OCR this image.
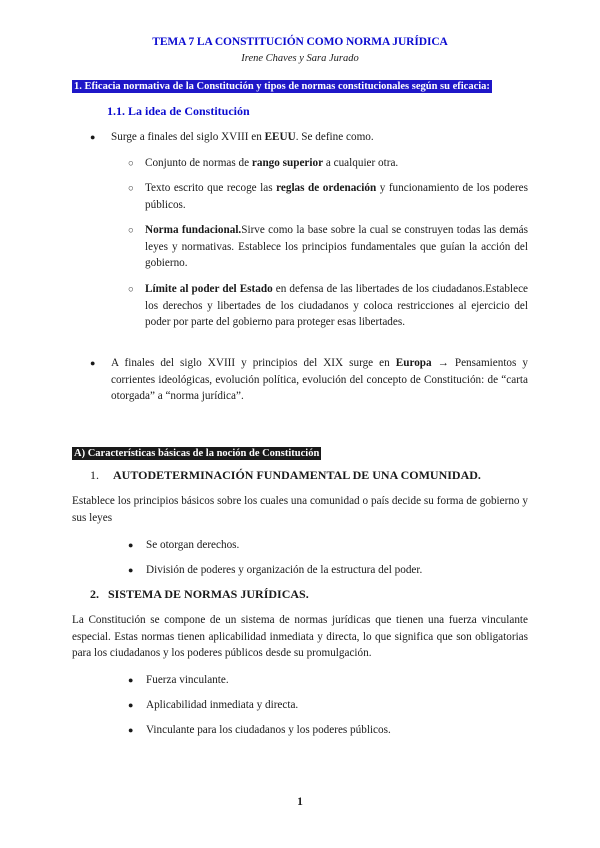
TEMA 7 LA CONSTITUCIÓN COMO NORMA JURÍDICA
Irene Chaves y Sara Jurado
1. Eficacia normativa de la Constitución y tipos de normas constitucionales según su eficacia:
1.1. La idea de Constitución
● Surge a finales del siglo XVIII en EEUU. Se define como.
○ Conjunto de normas de rango superior a cualquier otra.
○ Texto escrito que recoge las reglas de ordenación y funcionamiento de los poderes públicos.
○ Norma fundacional.Sirve como la base sobre la cual se construyen todas las demás leyes y normativas. Establece los principios fundamentales que guían la acción del gobierno.
○ Límite al poder del Estado en defensa de las libertades de los ciudadanos.Establece los derechos y libertades de los ciudadanos y coloca restricciones al ejercicio del poder por parte del gobierno para proteger esas libertades.
● A finales del siglo XVIII y principios del XIX surge en Europa → Pensamientos y corrientes ideológicas, evolución política, evolución del concepto de Constitución: de “carta otorgada” a “norma jurídica”.
A) Características básicas de la noción de Constitución
1. AUTODETERMINACIÓN FUNDAMENTAL DE UNA COMUNIDAD.
Establece los principios básicos sobre los cuales una comunidad o país decide su forma de gobierno y sus leyes
● Se otorgan derechos.
● División de poderes y organización de la estructura del poder.
2. SISTEMA DE NORMAS JURÍDICAS.
La Constitución se compone de un sistema de normas jurídicas que tienen una fuerza vinculante especial. Estas normas tienen aplicabilidad inmediata y directa, lo que significa que son obligatorias para los ciudadanos y los poderes públicos desde su promulgación.
● Fuerza vinculante.
● Aplicabilidad inmediata y directa.
● Vinculante para los ciudadanos y los poderes públicos.
1
